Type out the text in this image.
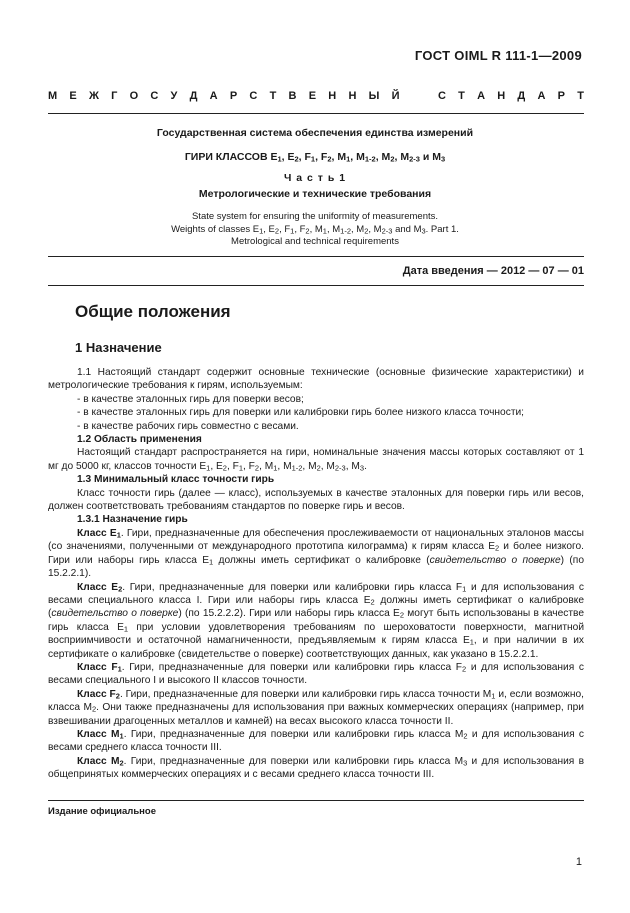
ГОСТ OIML R 111-1—2009
М Е Ж Г О С У Д А Р С Т В Е Н Н Ы Й	С Т А Н Д А Р Т
Государственная система обеспечения единства измерений
ГИРИ КЛАССОВ $E_1$, $E_2$, $F_1$, $F_2$, $M_1$, $M_{1-2}$, $M_2$, $M_{2-3}$ и $M_3$
Ч а с т ь 1
Метрологические и технические требования
State system for ensuring the uniformity of measurements.
Weights of classes $E_1$, $E_2$, $F_1$, $F_2$, $M_1$, $M_{1-2}$, $M_2$, $M_{2-3}$ and $M_3$. Part 1.
Metrological and technical requirements
Дата введения — 2012 — 07 — 01
Общие положения
1 Назначение

1.1 Настоящий стандарт содержит основные технические (основные физические характеристики) и метрологические требования к гирям, используемым:

- в качестве эталонных гирь для поверки весов;

- в качестве эталонных гирь для поверки или калибровки гирь более низкого класса точности;

- в качестве рабочих гирь совместно с весами.

1.2 Область применения

Настоящий стандарт распространяется на гири, номинальные значения массы которых составляют от 1 мг до 5000 кг, классов точности $E_1$, $E_2$, $F_1$, $F_2$, $M_1$, $M_{1-2}$, $M_2$, $M_{2-3}$, $M_3$.

1.3 Минимальный класс точности гирь

Класс точности гирь (далее — класс), используемых в качестве эталонных для поверки гирь или весов, должен соответствовать требованиям стандартов по поверке гирь и весов.

1.3.1 Назначение гирь

Класс $E_1$. Гири, предназначенные для обеспечения прослеживаемости от национальных эталонов массы (со значениями, полученными от международного прототипа килограмма) к гирям класса $E_2$ и более низкого. Гири или наборы гирь класса $E_1$ должны иметь сертификат о калибровке (свидетельство о поверке) (по 15.2.2.1).

Класс $E_2$. Гири, предназначенные для поверки или калибровки гирь класса $F_1$ и для использования с весами специального класса I. Гири или наборы гирь класса $E_2$ должны иметь сертификат о калибровке (свидетельство о поверке) (по 15.2.2.2). Гири или наборы гирь класса $E_2$ могут быть использованы в качестве гирь класса $E_1$ при условии удовлетворения требованиям по шероховатости поверхности, магнитной восприимчивости и остаточной намагниченности, предъявляемым к гирям класса $E_1$, и при наличии в их сертификате о калибровке (свидетельстве о поверке) соответствующих данных, как указано в 15.2.2.1.

Класс $F_1$. Гири, предназначенные для поверки или калибровки гирь класса $F_2$ и для использования с весами специального I и высокого II классов точности.

Класс $F_2$. Гири, предназначенные для поверки или калибровки гирь класса точности $M_1$ и, если возможно, класса $M_2$. Они также предназначены для использования при важных коммерческих операциях (например, при взвешивании драгоценных металлов и камней) на весах высокого класса точности II.

Класс $M_1$. Гири, предназначенные для поверки или калибровки гирь класса $M_2$ и для использования с весами среднего класса точности III.

Класс $M_2$. Гири, предназначенные для поверки или калибровки гирь класса $M_3$ и для использования в общепринятых коммерческих операциях и с весами среднего класса точности III.

Издание официальное
1
